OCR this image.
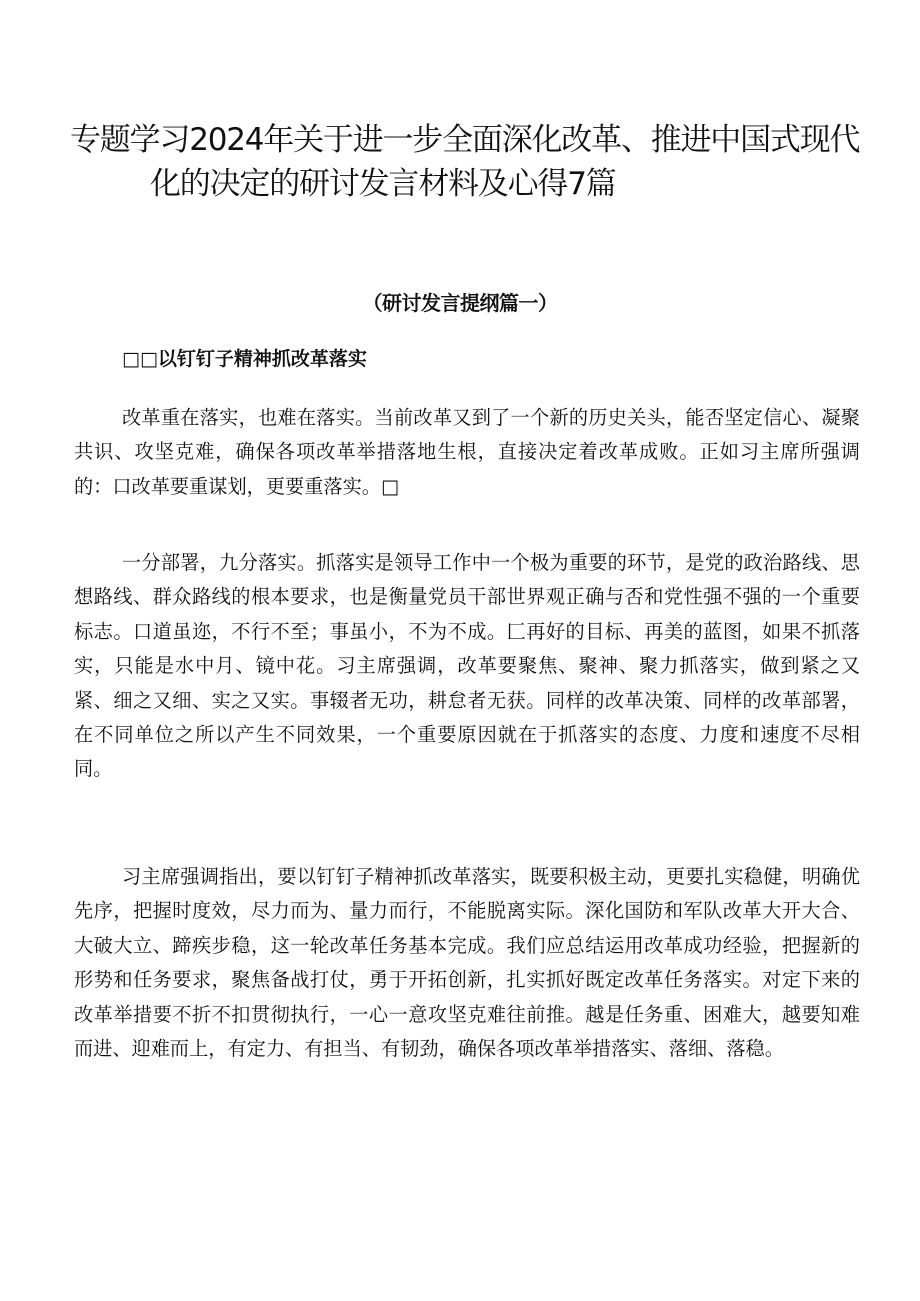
专题学习2024年关于进一步全面深化改革、推进中国式现代
化的决定的研讨发言材料及心得7篇
（研讨发言提纲篇一）
□□以钉钉子精神抓改革落实

改革重在落实，也难在落实。当前改革又到了一个新的历史关头，能否坚定信心、凝聚共识、攻坚克难，确保各项改革举措落地生根，直接决定着改革成败。正如习主席所强调的：口改革要重谋划，更要重落实。□

一分部署，九分落实。抓落实是领导工作中一个极为重要的环节，是党的政治路线、思想路线、群众路线的根本要求，也是衡量党员干部世界观正确与否和党性强不强的一个重要标志。口道虽迩，不行不至；事虽小，不为不成。匚再好的目标、再美的蓝图，如果不抓落实，只能是水中月、镜中花。习主席强调，改革要聚焦、聚神、聚力抓落实，做到紧之又紧、细之又细、实之又实。事辍者无功，耕怠者无获。同样的改革决策、同样的改革部署，在不同单位之所以产生不同效果，一个重要原因就在于抓落实的态度、力度和速度不尽相同。

习主席强调指出，要以钉钉子精神抓改革落实，既要积极主动，更要扎实稳健，明确优先序，把握时度效，尽力而为、量力而行，不能脱离实际。深化国防和军队改革大开大合、大破大立、蹄疾步稳，这一轮改革任务基本完成。我们应总结运用改革成功经验，把握新的形势和任务要求，聚焦备战打仗，勇于开拓创新，扎实抓好既定改革任务落实。对定下来的改革举措要不折不扣贯彻执行，一心一意攻坚克难往前推。越是任务重、困难大，越要知难而进、迎难而上，有定力、有担当、有韧劲，确保各项改革举措落实、落细、落稳。
